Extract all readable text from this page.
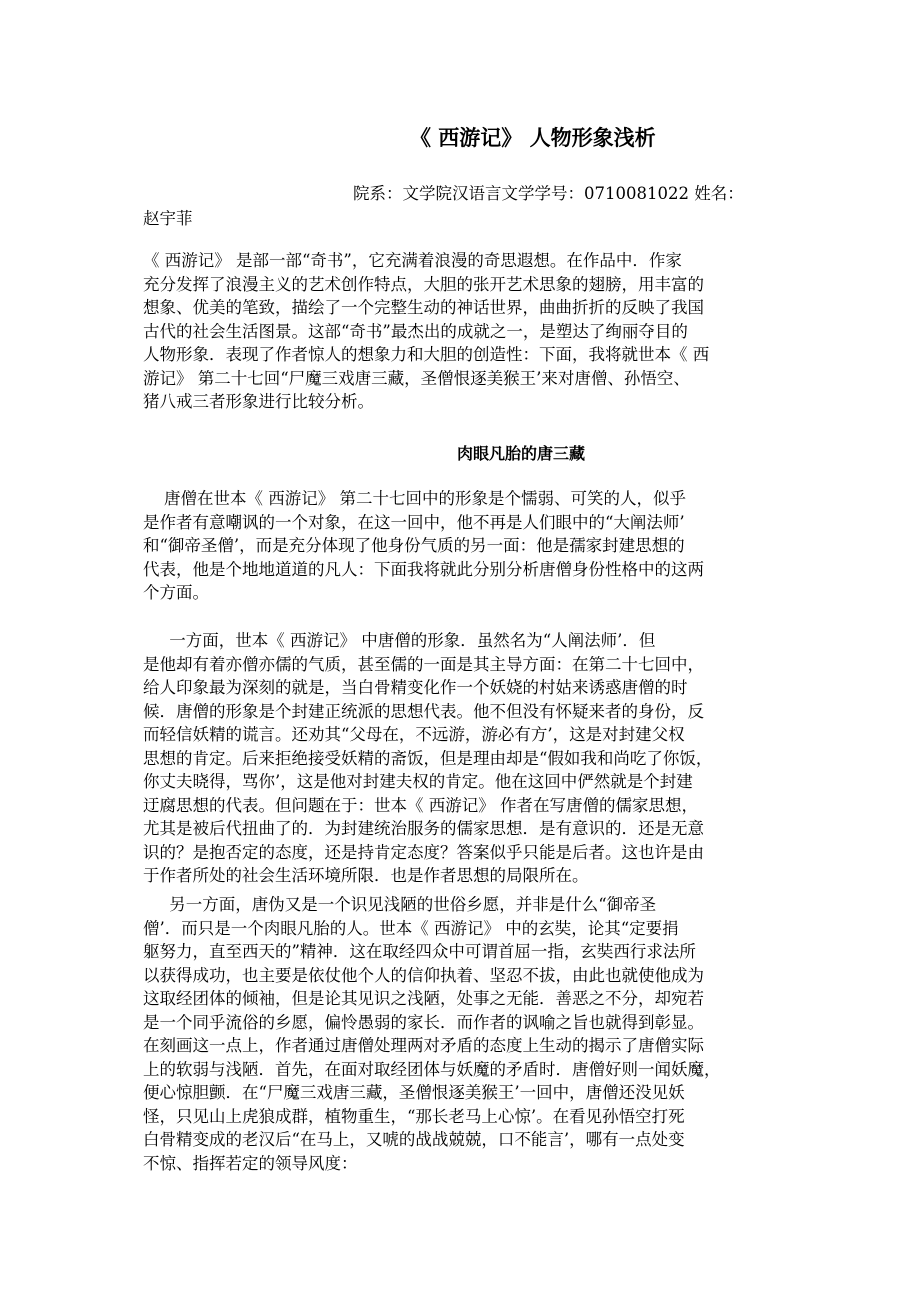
《 西游记》 人物形象浅析
院系：文学院汉语言文学学号：0710081022 姓名：
赵宇菲
《 西游记》 是部一部“奇书”，它充满着浪漫的奇思遐想。在作品中．作家
充分发挥了浪漫主义的艺术创作特点，大胆的张开艺术思象的翅膀，用丰富的
想象、优美的笔致，描绘了一个完整生动的神话世界，曲曲折折的反映了我国
古代的社会生活图景。这部“奇书”最杰出的成就之一，是塑达了绚丽夺目的
人物形象．表现了作者惊人的想象力和大胆的创造性：下面，我将就世本《 西
游记》 第二十七回“尸魔三戏唐三藏，圣僧恨逐美猴王’来对唐僧、孙悟空、
猪八戒三者形象进行比较分析。
肉眼凡胎的唐三藏
唐僧在世本《 西游记》 第二十七回中的形象是个懦弱、可笑的人，似乎
是作者有意嘲讽的一个对象，在这一回中，他不再是人们眼中的“大阐法师’
和“御帝圣僧’，而是充分体现了他身份气质的另一面：他是孺家封建思想的
代表，他是个地地道道的凡人：下面我将就此分别分析唐僧身份性格中的这两
个方面。
一方面，世本《 西游记》 中唐僧的形象．虽然名为“人阐法师’．但
是他却有着亦僧亦儒的气质，甚至儒的一面是其主导方面：在第二十七回中，
给人印象最为深刻的就是，当白骨精变化作一个妖娆的村姑来诱惑唐僧的时
候．唐僧的形象是个封建正统派的思想代表。他不但没有怀疑来者的身份，反
而轻信妖精的谎言。还劝其“父母在，不远游，游必有方’，这是对封建父权
思想的肯定。后来拒绝接受妖精的斋饭，但是理由却是“假如我和尚吃了你饭，
你丈夫晓得，骂你’，这是他对封建夫权的肯定。他在这回中俨然就是个封建
迂腐思想的代表。但问题在于：世本《 西游记》 作者在写唐僧的儒家思想，
尤其是被后代扭曲了的．为封建统治服务的儒家思想．是有意识的．还是无意
识的？是抱否定的态度，还是持肯定态度？答案似乎只能是后者。这也许是由
于作者所处的社会生活环境所限．也是作者思想的局限所在。
另一方面，唐伪又是一个识见浅陋的世俗乡愿，并非是什么“御帝圣
僧’．而只是一个肉眼凡胎的人。世本《 西游记》 中的玄奘，论其“定要捐
躯努力，直至西天的”精神．这在取经四众中可谓首屈一指，玄奘西行求法所
以获得成功，也主要是依仗他个人的信仰执着、坚忍不拔，由此也就使他成为
这取经团体的倾袖，但是论其见识之浅陋，处事之无能．善恶之不分，却宛若
是一个同乎流俗的乡愿，偏怜愚弱的家长．而作者的讽喻之旨也就得到彰显。
在刻画这一点上，作者通过唐僧处理两对矛盾的态度上生动的揭示了唐僧实际
上的软弱与浅陋．首先，在面对取经团体与妖魔的矛盾时．唐僧好则一闻妖魔，
便心惊胆颤．在“尸魔三戏唐三藏，圣僧恨逐美猴王’一回中，唐僧还没见妖
怪，只见山上虎狼成群，植物重生，“那长老马上心惊’。在看见孙悟空打死
白骨精变成的老汉后“在马上，又唬的战战兢兢，口不能言’，哪有一点处变
不惊、指挥若定的领导风度：
